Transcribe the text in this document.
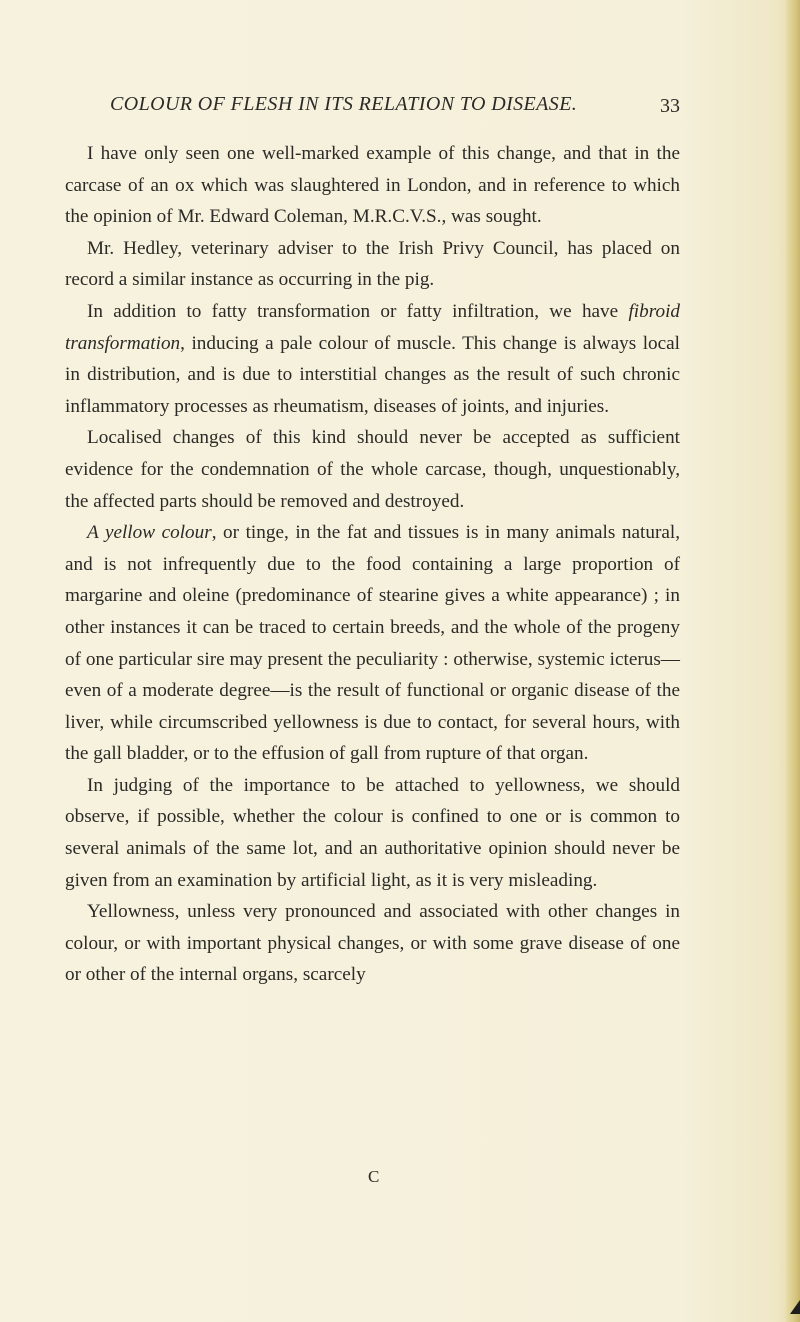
COLOUR OF FLESH IN ITS RELATION TO DISEASE.	33

I have only seen one well-marked example of this change, and that in the carcase of an ox which was slaughtered in London, and in reference to which the opinion of Mr. Edward Coleman, M.R.C.V.S., was sought.

Mr. Hedley, veterinary adviser to the Irish Privy Council, has placed on record a similar instance as occurring in the pig.

In addition to fatty transformation or fatty infiltration, we have fibroid transformation, inducing a pale colour of muscle. This change is always local in distribution, and is due to interstitial changes as the result of such chronic inflammatory processes as rheumatism, diseases of joints, and injuries.

Localised changes of this kind should never be accepted as sufficient evidence for the condemnation of the whole carcase, though, unquestionably, the affected parts should be removed and destroyed.

A yellow colour, or tinge, in the fat and tissues is in many animals natural, and is not infrequently due to the food containing a large proportion of margarine and oleine (predominance of stearine gives a white appearance) ; in other instances it can be traced to certain breeds, and the whole of the progeny of one particular sire may present the peculiarity : otherwise, systemic icterus—even of a moderate degree—is the result of functional or organic disease of the liver, while circumscribed yellowness is due to contact, for several hours, with the gall bladder, or to the effusion of gall from rupture of that organ.

In judging of the importance to be attached to yellowness, we should observe, if possible, whether the colour is confined to one or is common to several animals of the same lot, and an authoritative opinion should never be given from an examination by artificial light, as it is very misleading.

Yellowness, unless very pronounced and associated with other changes in colour, or with important physical changes, or with some grave disease of one or other of the internal organs, scarcely

C
